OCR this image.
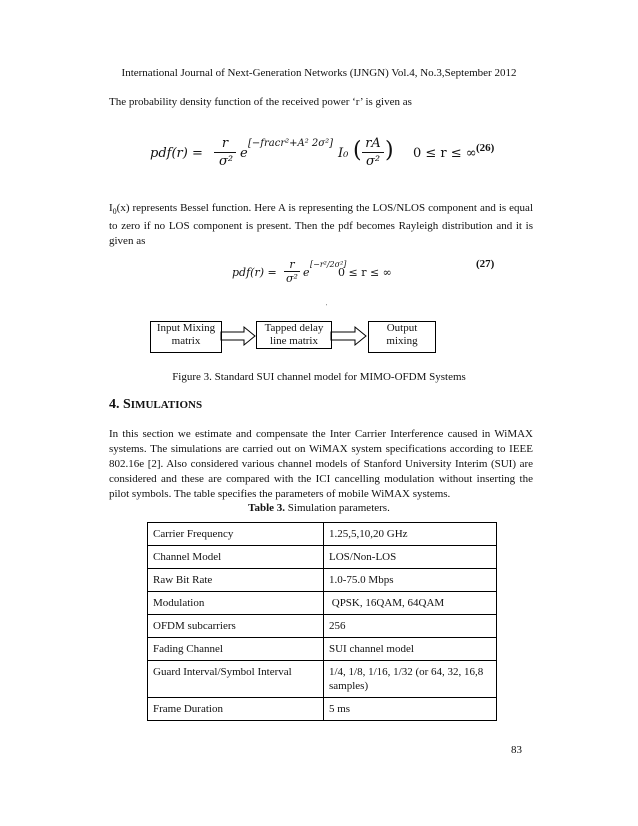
International Journal of Next-Generation Networks (IJNGN) Vol.4, No.3,September 2012
The probability density function of the received power ‘r’ is given as
pdf(r) =
r
σ²
e
[−fracr²+A² 2σ²]
I₀ ( rA
σ² ) 0 ≤ r ≤ ∞ (26)
$I_0(x)$ represents Bessel function. Here A is representing the LOS/NLOS component and is equal to zero if no LOS component is present. Then the pdf becomes Rayleigh distribution and it is given as
pdf(r) =
r
σ² e
[−r²/2σ²]
0 ≤ r ≤ ∞
(27)
Input Mixing
matrix
Tapped delay
line matrix
Output
mixing
'
Figure 3. Standard SUI channel model for MIMO-OFDM Systems
4. SIMULATIONS
In this section we estimate and compensate the Inter Carrier Interference caused in WiMAX systems. The simulations are carried out on WiMAX system specifications according to IEEE 802.16e [2]. Also considered various channel models of Stanford University Interim (SUI) are considered and these are compared with the ICI cancelling modulation without inserting the pilot symbols. The table specifies the parameters of mobile WiMAX systems.
Table 3. Simulation parameters.
Carrier Frequency	1.25,5,10,20 GHz
Channel Model	LOS/Non-LOS
Raw Bit Rate	1.0-75.0 Mbps
Modulation	QPSK, 16QAM, 64QAM
OFDM subcarriers	256
Fading Channel	SUI channel model
Guard Interval/Symbol Interval	1/4, 1/8, 1/16, 1/32 (or 64, 32, 16,8 samples)
Frame Duration	5 ms
83
